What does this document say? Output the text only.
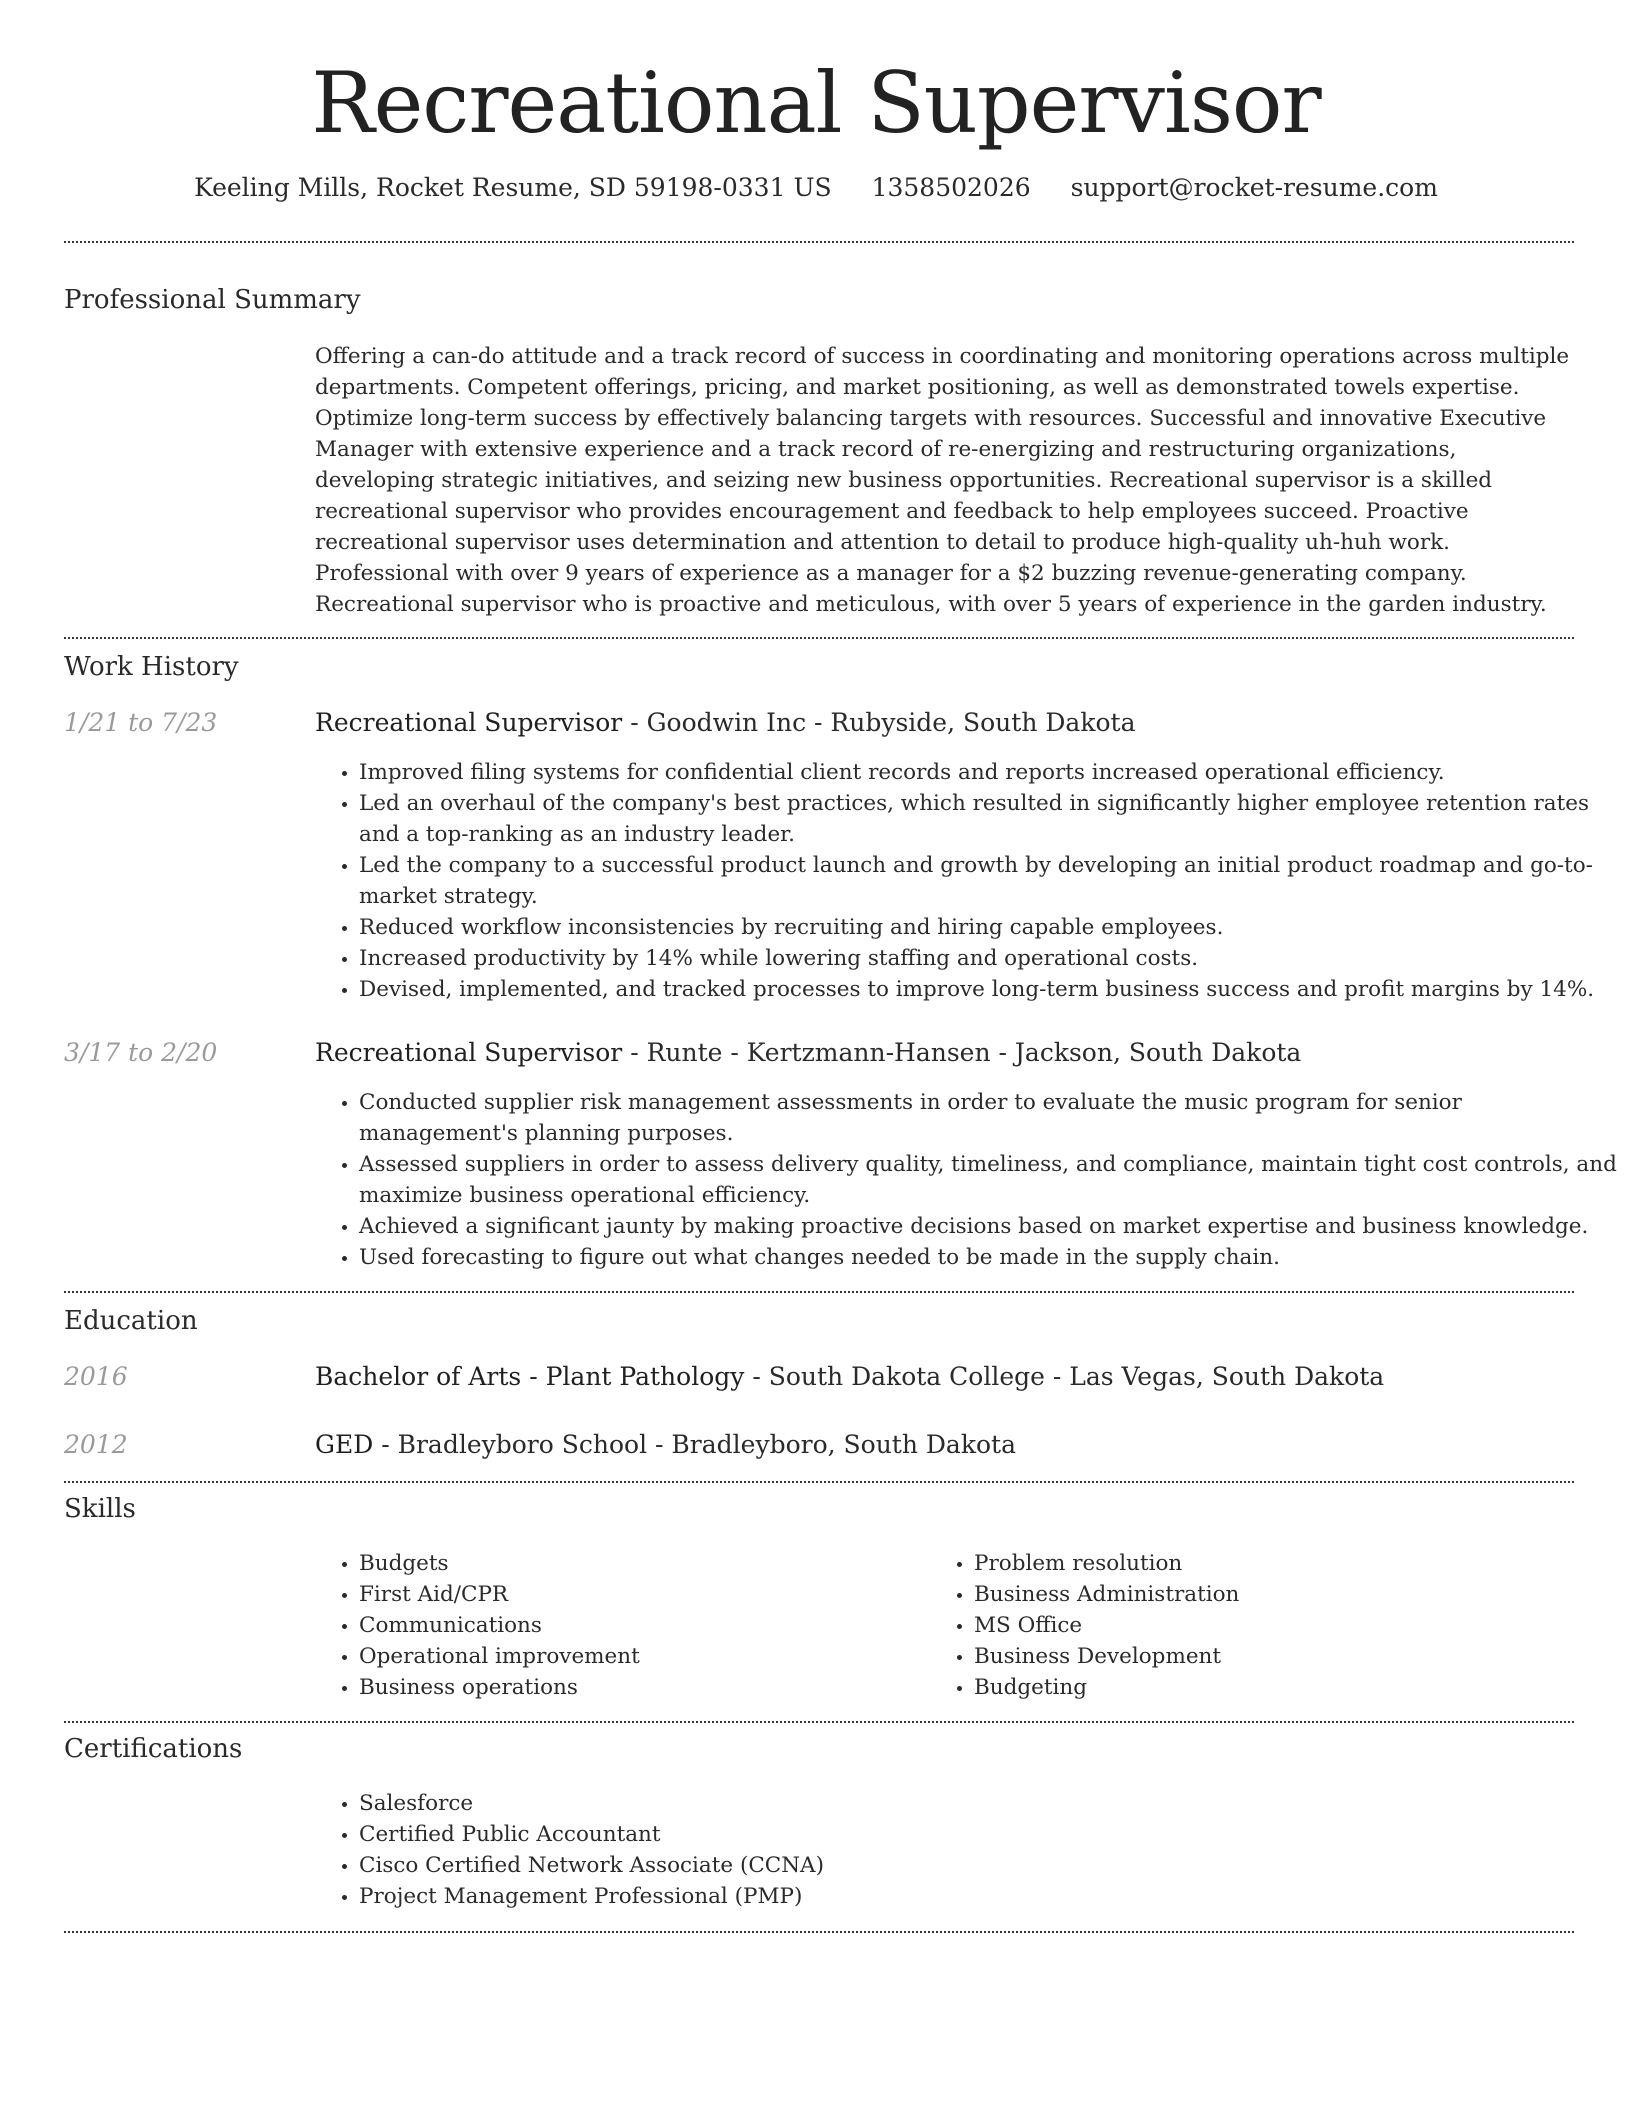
Recreational Supervisor
Keeling Mills, Rocket Resume, SD 59198-0331 US 1358502026 support@rocket-resume.com
Professional Summary
Offering a can-do attitude and a track record of success in coordinating and monitoring operations across multiple departments. Competent offerings, pricing, and market positioning, as well as demonstrated towels expertise. Optimize long-term success by effectively balancing targets with resources. Successful and innovative Executive Manager with extensive experience and a track record of re-energizing and restructuring organizations, developing strategic initiatives, and seizing new business opportunities. Recreational supervisor is a skilled recreational supervisor who provides encouragement and feedback to help employees succeed. Proactive recreational supervisor uses determination and attention to detail to produce high-quality uh-huh work. Professional with over 9 years of experience as a manager for a $2 buzzing revenue-generating company. Recreational supervisor who is proactive and meticulous, with over 5 years of experience in the garden industry.
Work History
1/21 to 7/23	Recreational Supervisor - Goodwin Inc - Rubyside, South Dakota
• Improved filing systems for confidential client records and reports increased operational efficiency.
• Led an overhaul of the company's best practices, which resulted in significantly higher employee retention rates and a top-ranking as an industry leader.
• Led the company to a successful product launch and growth by developing an initial product roadmap and go-to-market strategy.
• Reduced workflow inconsistencies by recruiting and hiring capable employees.
• Increased productivity by 14% while lowering staffing and operational costs.
• Devised, implemented, and tracked processes to improve long-term business success and profit margins by 14%.
3/17 to 2/20	Recreational Supervisor - Runte - Kertzmann-Hansen - Jackson, South Dakota
• Conducted supplier risk management assessments in order to evaluate the music program for senior management's planning purposes.
• Assessed suppliers in order to assess delivery quality, timeliness, and compliance, maintain tight cost controls, and maximize business operational efficiency.
• Achieved a significant jaunty by making proactive decisions based on market expertise and business knowledge.
• Used forecasting to figure out what changes needed to be made in the supply chain.
Education
2016	Bachelor of Arts - Plant Pathology - South Dakota College - Las Vegas, South Dakota
2012	GED - Bradleyboro School - Bradleyboro, South Dakota
Skills
• Budgets
• First Aid/CPR
• Communications
• Operational improvement
• Business operations
• Problem resolution
• Business Administration
• MS Office
• Business Development
• Budgeting
Certifications
• Salesforce
• Certified Public Accountant
• Cisco Certified Network Associate (CCNA)
• Project Management Professional (PMP)
